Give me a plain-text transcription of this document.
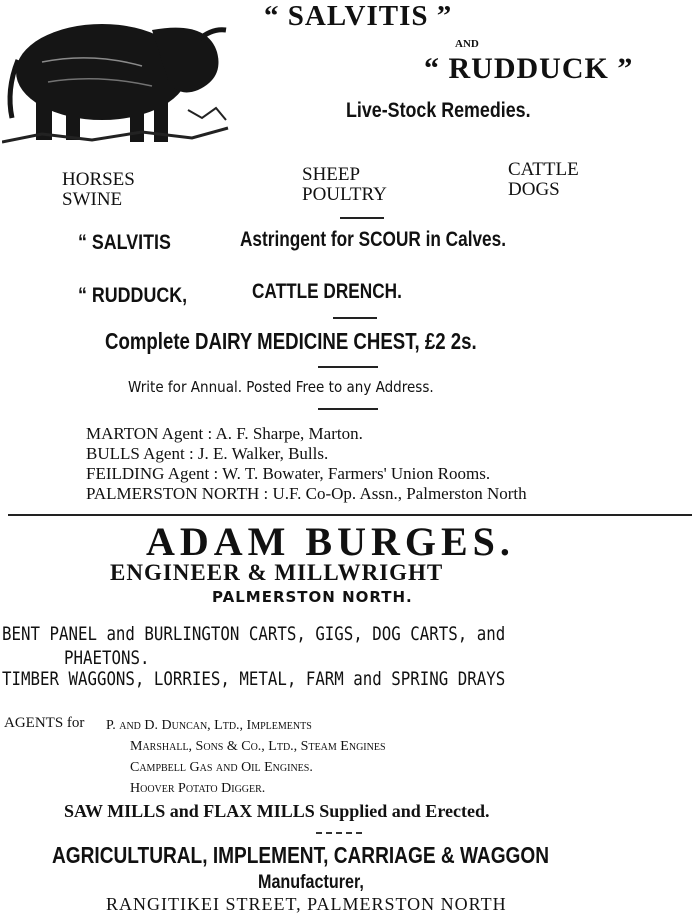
“ SALVITIS ”
AND
“ RUDDUCK ”
Live-Stock Remedies.
HORSES
SWINE
SHEEP
POULTRY
CATTLE
DOGS
“ SALVITIS	Astringent for SCOUR in Calves.
“ RUDDUCK,	CATTLE DRENCH.
Complete DAIRY MEDICINE CHEST, £2 2s.
Write for Annual. Posted Free to any Address.
MARTON Agent : A. F. Sharpe, Marton.
BULLS Agent : J. E. Walker, Bulls.
FEILDING Agent : W. T. Bowater, Farmers' Union Rooms.
PALMERSTON NORTH : U.F. Co-Op. Assn., Palmerston North
ADAM BURGES.
ENGINEER & MILLWRIGHT
PALMERSTON NORTH.
BENT PANEL and BURLINGTON CARTS, GIGS, DOG CARTS, and
PHAETONS.
TIMBER WAGGONS, LORRIES, METAL, FARM and SPRING DRAYS
AGENTS for P. and D. Duncan, Ltd., Implements
Marshall, Sons & Co., Ltd., Steam Engines
Campbell Gas and Oil Engines.
Hoover Potato Digger.
SAW MILLS and FLAX MILLS Supplied and Erected.
AGRICULTURAL, IMPLEMENT, CARRIAGE & WAGGON
Manufacturer,
RANGITIKEI STREET, PALMERSTON NORTH
